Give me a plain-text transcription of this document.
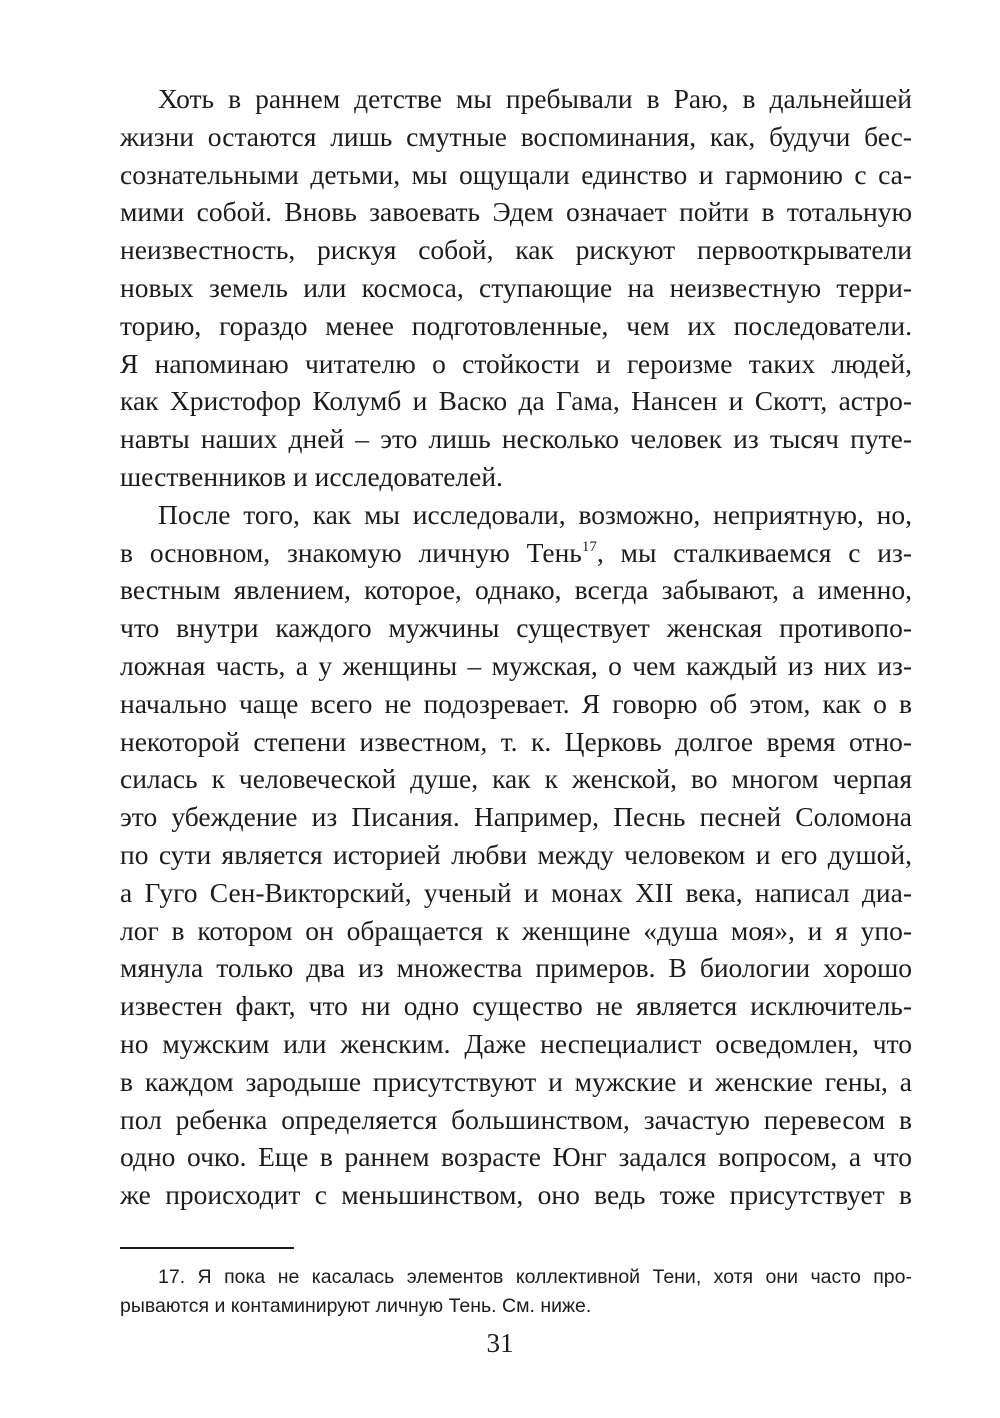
Хоть в раннем детстве мы пребывали в Раю, в дальнейшей
жизни остаются лишь смутные воспоминания, как, будучи бес-
сознательными детьми, мы ощущали единство и гармонию с са-
мими собой. Вновь завоевать Эдем означает пойти в тотальную
неизвестность, рискуя собой, как рискуют первооткрыватели
новых земель или космоса, ступающие на неизвестную терри-
торию, гораздо менее подготовленные, чем их последователи.
Я напоминаю читателю о стойкости и героизме таких людей,
как Христофор Колумб и Васко да Гама, Нансен и Скотт, астро-
навты наших дней – это лишь несколько человек из тысяч путе-
шественников и исследователей.
После того, как мы исследовали, возможно, неприятную, но,
в основном, знакомую личную Тень$^{17}$, мы сталкиваемся с из-
вестным явлением, которое, однако, всегда забывают, а именно,
что внутри каждого мужчины существует женская противопо-
ложная часть, а у женщины – мужская, о чем каждый из них из-
начально чаще всего не подозревает. Я говорю об этом, как о в
некоторой степени известном, т. к. Церковь долгое время отно-
силась к человеческой душе, как к женской, во многом черпая
это убеждение из Писания. Например, Песнь песней Соломона
по сути является историей любви между человеком и его душой,
а Гуго Сен-Викторский, ученый и монах XII века, написал диа-
лог в котором он обращается к женщине «душа моя», и я упо-
мянула только два из множества примеров. В биологии хорошо
известен факт, что ни одно существо не является исключитель-
но мужским или женским. Даже неспециалист осведомлен, что
в каждом зародыше присутствуют и мужские и женские гены, а
пол ребенка определяется большинством, зачастую перевесом в
одно очко. Еще в раннем возрасте Юнг задался вопросом, а что
же происходит с меньшинством, оно ведь тоже присутствует в
17. Я пока не касалась элементов коллективной Тени, хотя они часто про-
рываются и контаминируют личную Тень. См. ниже.
31
